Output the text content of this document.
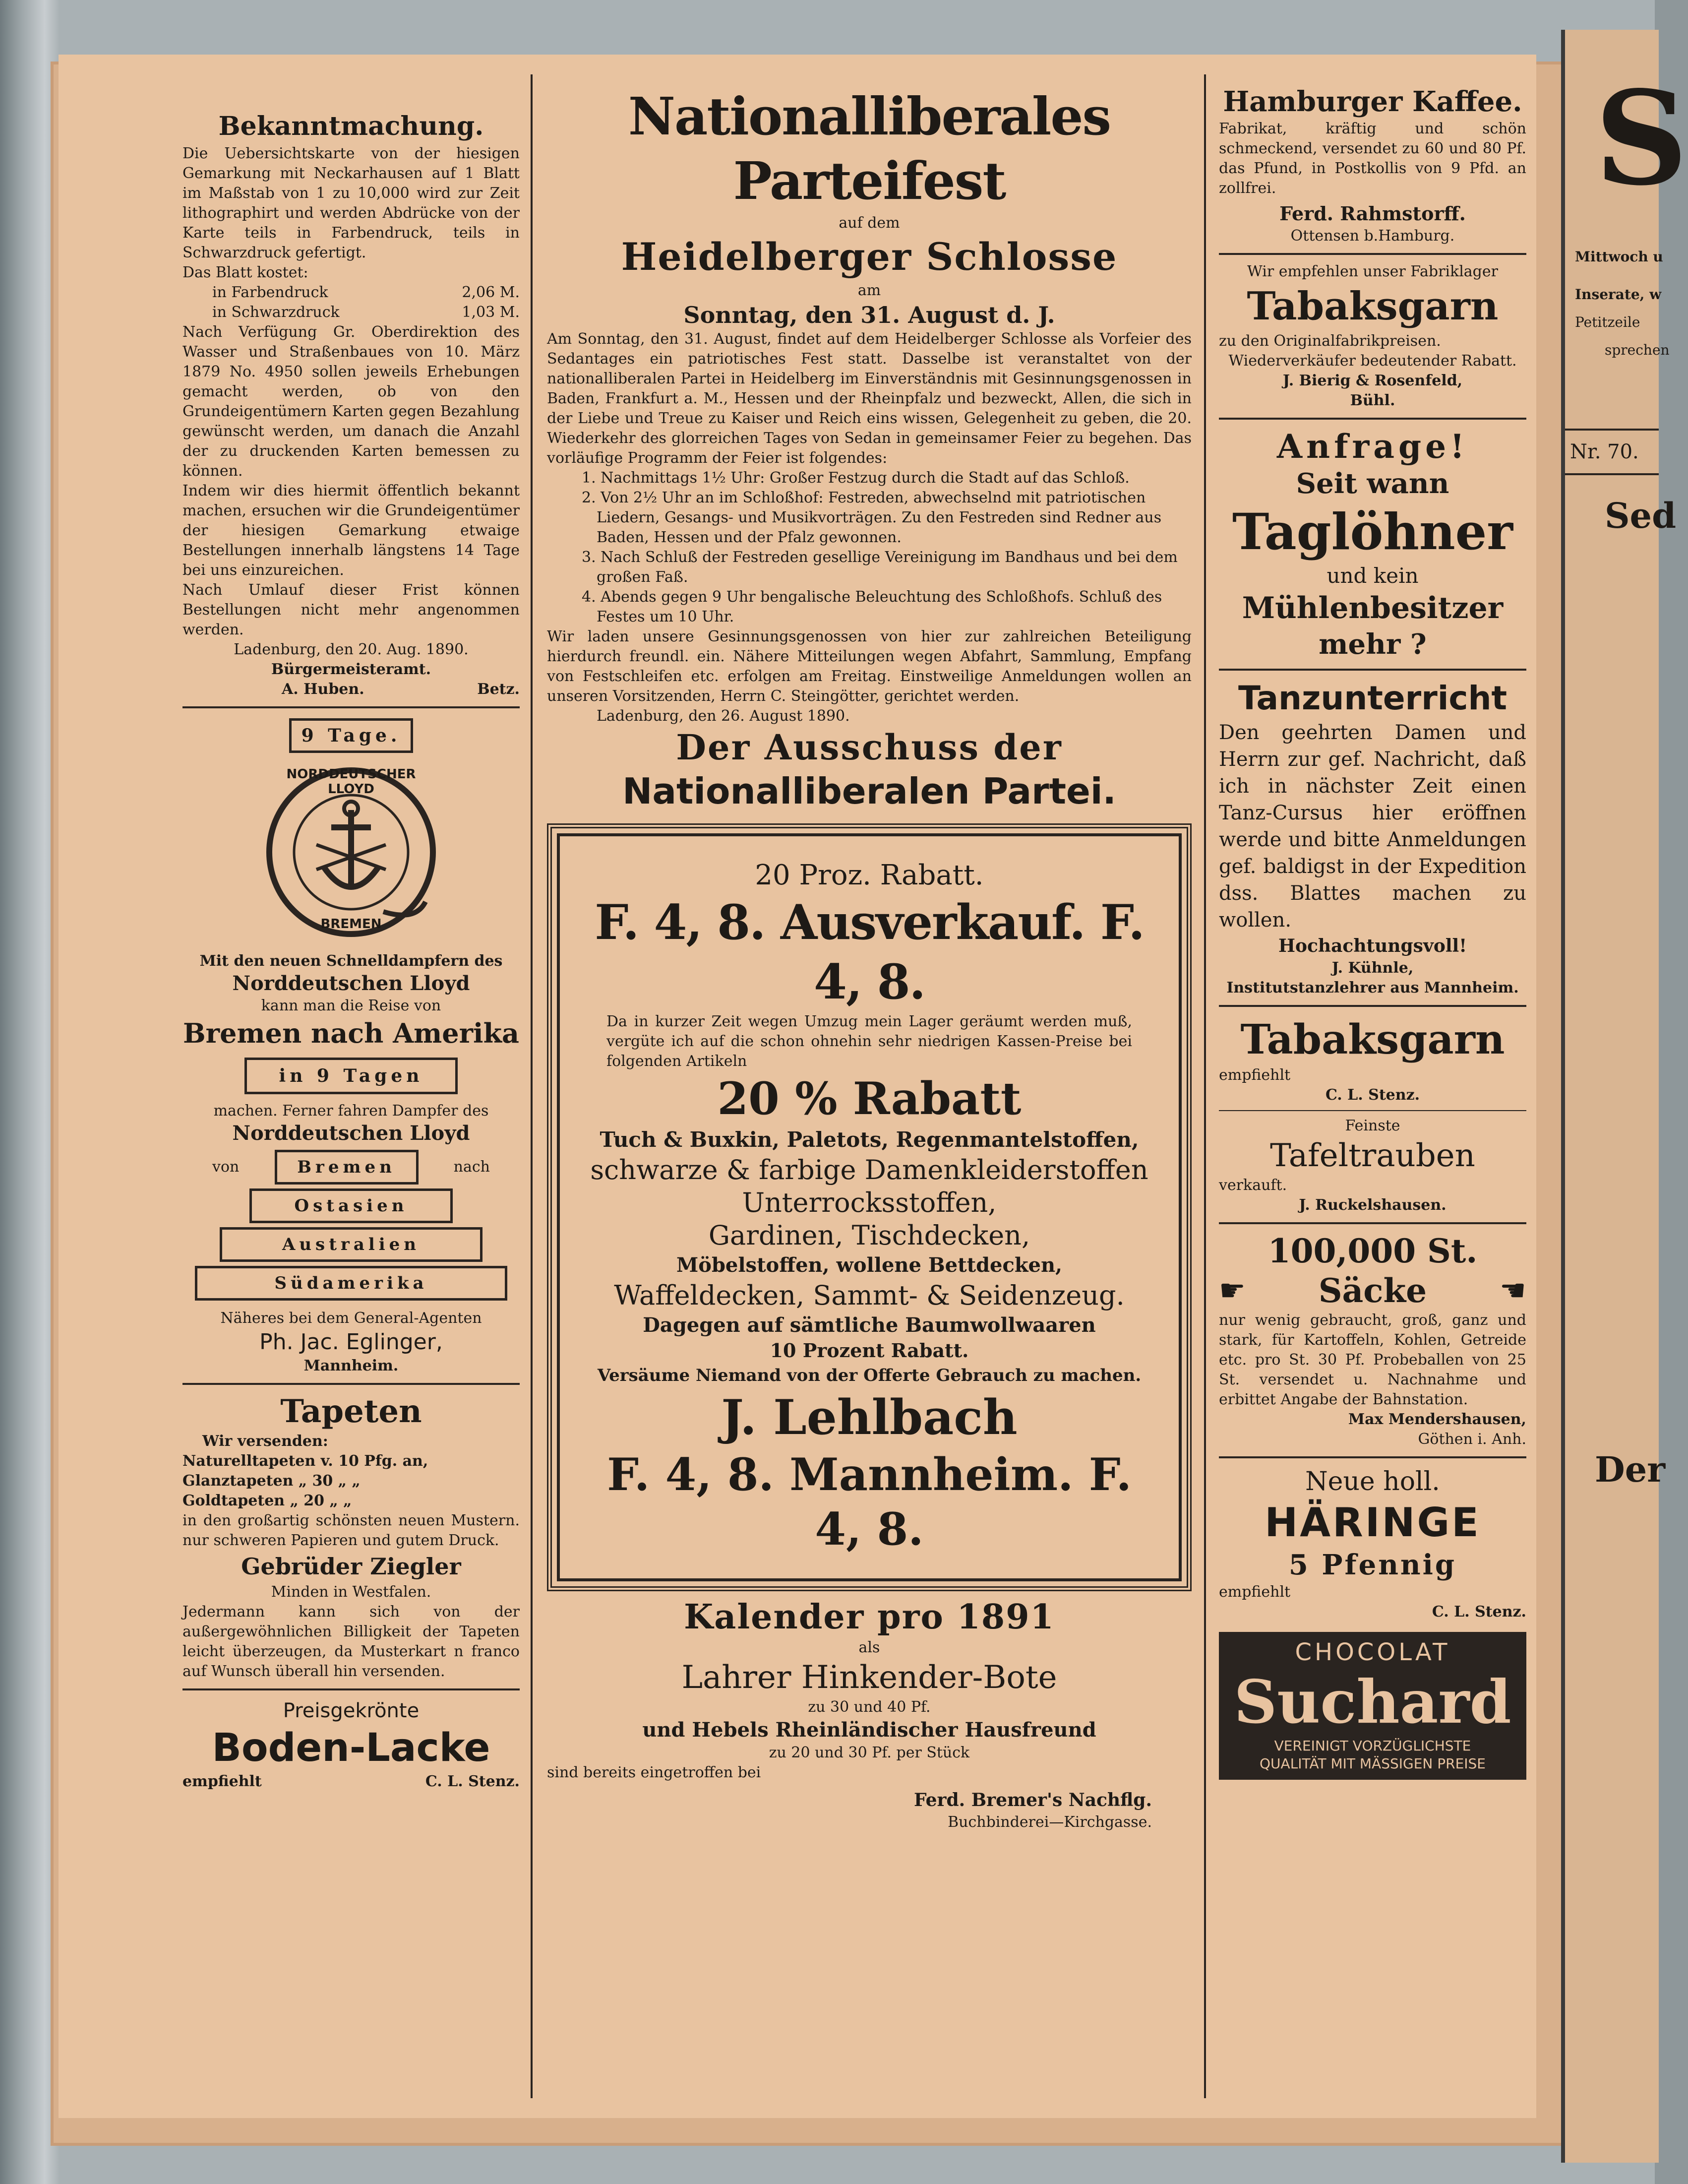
Bekanntmachung.

Die Uebersichtskarte von der hiesigen Gemarkung mit Neckarhausen auf 1 Blatt im Maßstab von 1 zu 10,000 wird zur Zeit lithographirt und werden Abdrücke von der Karte teils in Farbendruck, teils in Schwarzdruck gefertigt.

Das Blatt kostet:

in Farbendruck	2,06 M.
in Schwarzdruck	1,03 M.

Nach Verfügung Gr. Oberdirektion des Wasser und Straßenbaues von 10. März 1879 No. 4950 sollen jeweils Erhebungen gemacht werden, ob von den Grundeigentümern Karten gegen Bezahlung gewünscht werden, um danach die Anzahl der zu druckenden Karten bemessen zu können.

Indem wir dies hiermit öffentlich bekannt machen, ersuchen wir die Grundeigentümer der hiesigen Gemarkung etwaige Bestellungen innerhalb längstens 14 Tage bei uns einzureichen.

Nach Umlauf dieser Frist können Bestellungen nicht mehr angenommen werden.

Ladenburg, den 20. Aug. 1890.

Bürgermeisteramt.

A. Huben.	Betz.
9 Tage.
NORDDEUTSCHER LLOYD
BREMEN

Mit den neuen Schnelldampfern des

Norddeutschen Lloyd

kann man die Reise von

Bremen nach Amerika

in 9 Tagen

machen. Ferner fahren Dampfer des

Norddeutschen Lloyd

von	Bremen	nach
Ostasien
Australien
Südamerika

Näheres bei dem General-Agenten

Ph. Jac. Eglinger,

Mannheim.

Tapeten

Wir versenden:

Naturelltapeten v. 10 Pfg. an,

Glanztapeten „ 30 „ „

Goldtapeten „ 20 „ „

in den großartig schönsten neuen Mustern. nur schweren Papieren und gutem Druck.

Gebrüder Ziegler

Minden in Westfalen.

Jedermann kann sich von der außergewöhnlichen Billigkeit der Tapeten leicht überzeugen, da Musterkart n franco auf Wunsch überall hin versenden.

Preisgekrönte

Boden-Lacke

empfiehlt	C. L. Stenz.
Nationalliberales Parteifest

auf dem

Heidelberger Schlosse

am

Sonntag, den 31. August d. J.

Am Sonntag, den 31. August, findet auf dem Heidelberger Schlosse als Vorfeier des Sedantages ein patriotisches Fest statt. Dasselbe ist veranstaltet von der nationalliberalen Partei in Heidelberg im Einverständnis mit Gesinnungsgenossen in Baden, Frankfurt a. M., Hessen und der Rheinpfalz und bezweckt, Allen, die sich in der Liebe und Treue zu Kaiser und Reich eins wissen, Gelegenheit zu geben, die 20. Wiederkehr des glorreichen Tages von Sedan in gemeinsamer Feier zu begehen. Das vorläufige Programm der Feier ist folgendes:

1. Nachmittags 1½ Uhr: Großer Festzug durch die Stadt auf das Schloß.

2. Von 2½ Uhr an im Schloßhof: Festreden, abwechselnd mit patriotischen Liedern, Gesangs- und Musikvorträgen. Zu den Festreden sind Redner aus Baden, Hessen und der Pfalz gewonnen.

3. Nach Schluß der Festreden gesellige Vereinigung im Bandhaus und bei dem großen Faß.

4. Abends gegen 9 Uhr bengalische Beleuchtung des Schloßhofs. Schluß des Festes um 10 Uhr.

Wir laden unsere Gesinnungsgenossen von hier zur zahlreichen Beteiligung hierdurch freundl. ein. Nähere Mitteilungen wegen Abfahrt, Sammlung, Empfang von Festschleifen etc. erfolgen am Freitag. Einstweilige Anmeldungen wollen an unseren Vorsitzenden, Herrn C. Steingötter, gerichtet werden.

Ladenburg, den 26. August 1890.

Der Ausschuss der
Nationalliberalen Partei.
20 Proz. Rabatt.
F. 4, 8. Ausverkauf. F. 4, 8.

Da in kurzer Zeit wegen Umzug mein Lager geräumt werden muß, vergüte ich auf die schon ohnehin sehr niedrigen Kassen-Preise bei folgenden Artikeln

20 % Rabatt
Tuch & Buxkin, Paletots, Regenmantelstoffen,
schwarze & farbige Damenkleiderstoffen
Unterrocksstoffen,
Gardinen, Tischdecken,
Möbelstoffen, wollene Bettdecken,
Waffeldecken, Sammt- & Seidenzeug.
Dagegen auf sämtliche Baumwollwaaren
10 Prozent Rabatt.
Versäume Niemand von der Offerte Gebrauch zu machen.
J. Lehlbach
F. 4, 8. Mannheim. F. 4, 8.
Kalender pro 1891

als

Lahrer Hinkender-Bote

zu 30 und 40 Pf.

und Hebels Rheinländischer Hausfreund

zu 20 und 30 Pf. per Stück

sind bereits eingetroffen bei

Ferd. Bremer's Nachflg.

Buchbinderei—Kirchgasse.

Hamburger Kaffee.

Fabrikat, kräftig und schön schmeckend, versendet zu 60 und 80 Pf. das Pfund, in Postkollis von 9 Pfd. an zollfrei.

Ferd. Rahmstorff.

Ottensen b.Hamburg.

Wir empfehlen unser Fabriklager

Tabaksgarn

zu den Originalfabrikpreisen.

Wiederverkäufer bedeutender Rabatt.

J. Bierig & Rosenfeld,

Bühl.

Anfrage!
Seit wann
Taglöhner
und kein
Mühlenbesitzer
mehr ?
Tanzunterricht

Den geehrten Damen und Herrn zur gef. Nachricht, daß ich in nächster Zeit einen Tanz-Cursus hier eröffnen werde und bitte Anmeldungen gef. baldigst in der Expedition dss. Blattes machen zu wollen.

Hochachtungsvoll!

J. Kühnle,

Institutstanzlehrer aus Mannheim.

Tabaksgarn

empfiehlt

C. L. Stenz.

Feinste

Tafeltrauben

verkauft.

J. Ruckelshausen.

100,000 St.
☛ Säcke ☛

nur wenig gebraucht, groß, ganz und stark, für Kartoffeln, Kohlen, Getreide etc. pro St. 30 Pf. Probeballen von 25 St. versendet u. Nachnahme und erbittet Angabe der Bahnstation.

Max Mendershausen,

Göthen i. Anh.

Neue holl.
HÄRINGE
5 Pfennig

empfiehlt

C. L. Stenz.

CHOCOLAT
Suchard
VEREINIGT VORZÜGLICHSTE
QUALITÄT MIT MÄSSIGEN PREISE
S
Mittwoch u
Inserate, w
Petitzeile
sprechen
Nr. 70.
Sed
Der
